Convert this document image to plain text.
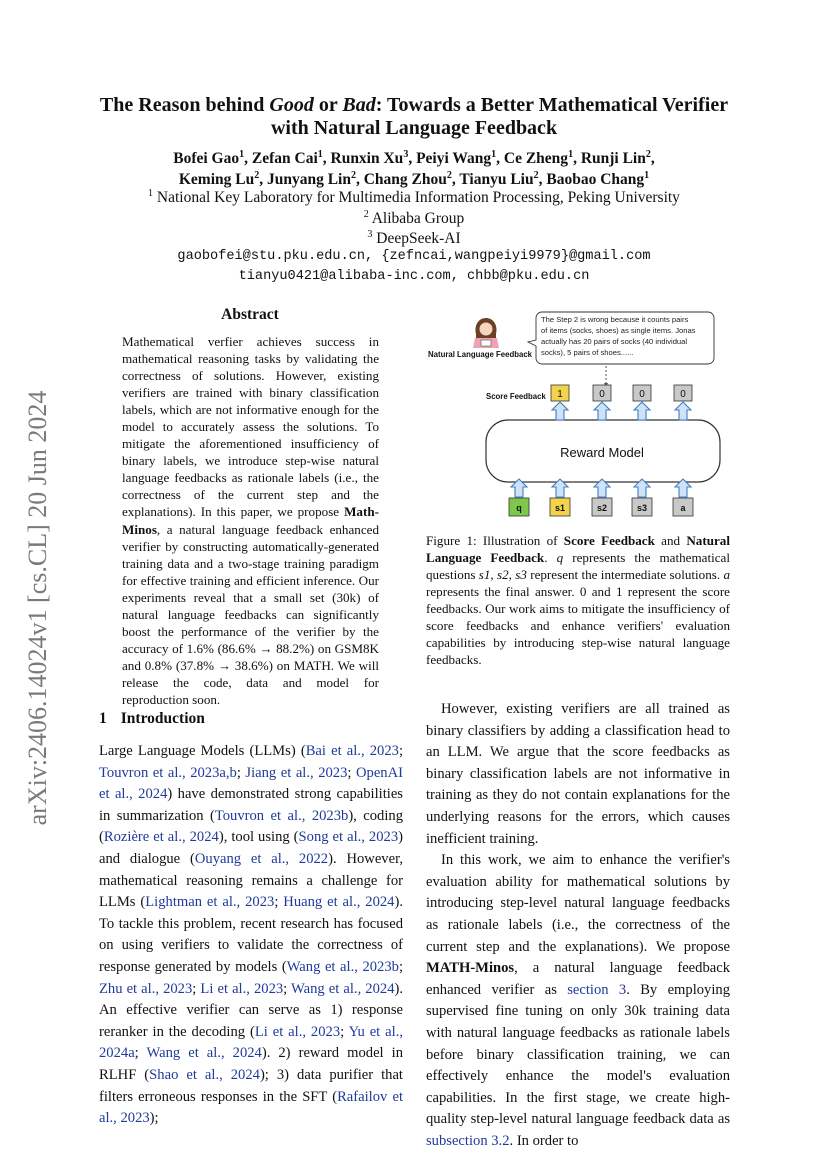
arXiv:2406.14024v1 [cs.CL] 20 Jun 2024
The Reason behind Good or Bad: Towards a Better Mathematical Verifier
with Natural Language Feedback
Bofei Gao$^1$, Zefan Cai$^1$, Runxin Xu$^3$, Peiyi Wang$^1$, Ce Zheng$^1$, Runji Lin$^2$,
Keming Lu$^2$, Junyang Lin$^2$, Chang Zhou$^2$, Tianyu Liu$^2$, Baobao Chang$^1$
$^1$ National Key Laboratory for Multimedia Information Processing, Peking University
$^2$ Alibaba Group
$^3$ DeepSeek-AI
gaobofei@stu.pku.edu.cn, {zefncai,wangpeiyi9979}@gmail.com
tianyu0421@alibaba-inc.com, chbb@pku.edu.cn
Abstract
Mathematical verfier achieves success in mathematical reasoning tasks by validating the correctness of solutions. However, existing verifiers are trained with binary classification labels, which are not informative enough for the model to accurately assess the solutions. To mitigate the aforementioned insufficiency of binary labels, we introduce step-wise natural language feedbacks as rationale labels (i.e., the correctness of the current step and the explanations). In this paper, we propose Math-Minos, a natural language feedback enhanced verifier by constructing automatically-generated training data and a two-stage training paradigm for effective training and efficient inference. Our experiments reveal that a small set (30k) of natural language feedbacks can significantly boost the performance of the verifier by the accuracy of 1.6% (86.6% → 88.2%) on GSM8K and 0.8% (37.8% → 38.6%) on MATH. We will release the code, data and model for reproduction soon.
1 Introduction

Large Language Models (LLMs) (Bai et al., 2023; Touvron et al., 2023a,b; Jiang et al., 2023; OpenAI et al., 2024) have demonstrated strong capabilities in summarization (Touvron et al., 2023b), coding (Rozière et al., 2024), tool using (Song et al., 2023) and dialogue (Ouyang et al., 2022). However, mathematical reasoning remains a challenge for LLMs (Lightman et al., 2023; Huang et al., 2024). To tackle this problem, recent research has focused on using verifiers to validate the correctness of response generated by models (Wang et al., 2023b; Zhu et al., 2023; Li et al., 2023; Wang et al., 2024). An effective verifier can serve as 1) response reranker in the decoding (Li et al., 2023; Yu et al., 2024a; Wang et al., 2024). 2) reward model in RLHF (Shao et al., 2024); 3) data purifier that filters erroneous responses in the SFT (Rafailov et al., 2023);

The Step 2 is wrong because it counts pairs
of items (socks, shoes) as single items. Jonas
actually has 20 pairs of socks (40 individual
socks), 5 pairs of shoes......
Natural Language Feedback
Score Feedback 1	0	0	0
Reward Model
q	s1	s2	s3	a
Figure 1: Illustration of Score Feedback and Natural Language Feedback. q represents the mathematical questions s1, s2, s3 represent the intermediate solutions. a represents the final answer. 0 and 1 represent the score feedbacks. Our work aims to mitigate the insufficiency of score feedbacks and enhance verifiers' evaluation capabilities by introducing step-wise natural language feedbacks.

However, existing verifiers are all trained as binary classifiers by adding a classification head to an LLM. We argue that the score feedbacks as binary classification labels are not informative in training as they do not contain explanations for the underlying reasons for the errors, which causes inefficient training.

In this work, we aim to enhance the verifier's evaluation ability for mathematical solutions by introducing step-level natural language feedbacks as rationale labels (i.e., the correctness of the current step and the explanations). We propose MATH-Minos, a natural language feedback enhanced verifier as section 3. By employing supervised fine tuning on only 30k training data with natural language feedbacks as rationale labels before binary classification training, we can effectively enhance the model's evaluation capabilities. In the first stage, we create high-quality step-level natural language feedback data as subsection 3.2. In order to
